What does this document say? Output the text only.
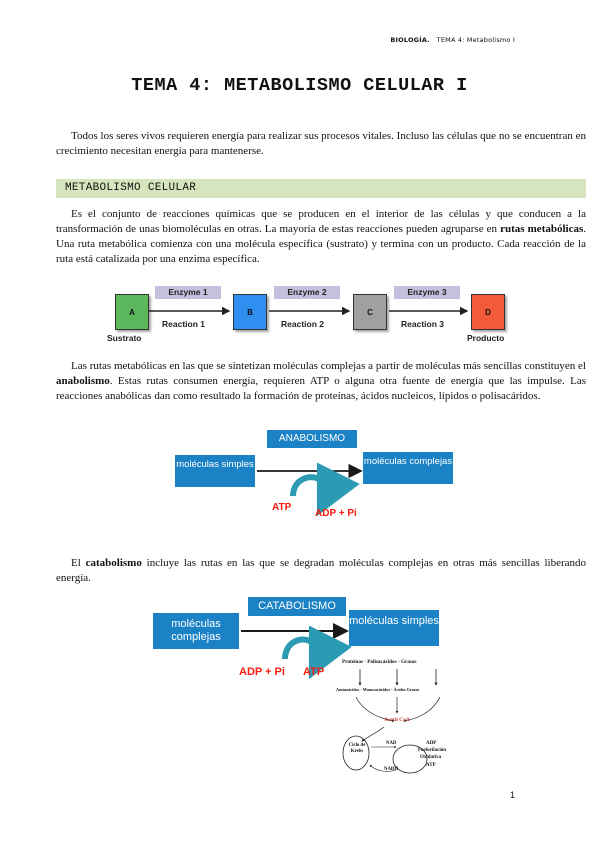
BIOLOGÍA. TEMA 4: Metabolismo I
TEMA 4: METABOLISMO CELULAR I

Todos los seres vivos requieren energía para realizar sus procesos vitales. Incluso las células que no se encuentran en crecimiento necesitan energía para mantenerse.

METABOLISMO CELULAR

Es el conjunto de reacciones químicas que se producen en el interior de las células y que conducen a la transformación de unas biomoléculas en otras. La mayoría de estas reacciones pueden agruparse en rutas metabólicas. Una ruta metabólica comienza con una molécula específica (sustrato) y termina con un producto. Cada reacción de la ruta está catalizada por una enzima específica.

A	B	C	D
Enzyme 1	Enzyme 2	Enzyme 3
Reaction 1	Reaction 2	Reaction 3
Sustrato	Producto

Las rutas metabólicas en las que se sintetizan moléculas complejas a partir de moléculas más sencillas constituyen el anabolismo. Estas rutas consumen energía, requieren ATP o alguna otra fuente de energía que las impulse. Las reacciones anabólicas dan como resultado la formación de proteínas, ácidos nucleicos, lípidos o polisacáridos.

ANABOLISMO
moléculas simples	moléculas complejas
ATP
ADP + Pi

El catabolismo incluye las rutas en las que se degradan moléculas complejas en otras más sencillas liberando energía.

CATABOLISMO
moléculas complejas
moléculas simples
ADP + Pi ATP
Proteínas - Polisacáridos - Grasas
Aminoácidos - Monosacáridos - Ácidos Grasos
Acetil CoA
Ciclo de Krebs
NAD
NADH
ADP
Fosforilación
Oxidativa
ATP
1
